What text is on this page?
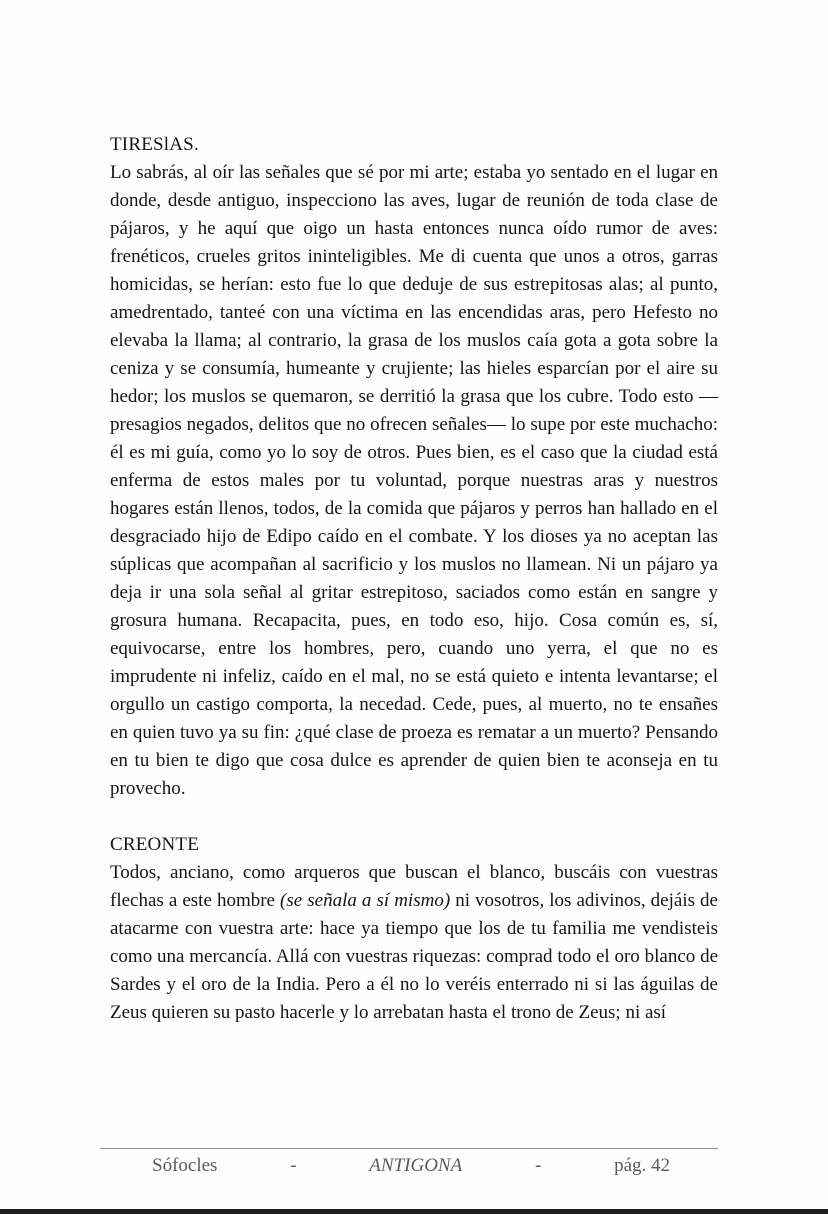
TIRESlAS.
Lo sabrás, al oír las señales que sé por mi arte; estaba yo sentado en el lugar en donde, desde antiguo, inspecciono las aves, lugar de reunión de toda clase de pájaros, y he aquí que oigo un hasta entonces nunca oído rumor de aves: frenéticos, crueles gritos ininteligibles. Me di cuenta que unos a otros, garras homicidas, se herían: esto fue lo que deduje de sus estrepitosas alas; al punto, amedrentado, tanteé con una víctima en las encendidas aras, pero Hefesto no elevaba la llama; al contrario, la grasa de los muslos caía gota a gota sobre la ceniza y se consumía, humeante y crujiente; las hieles esparcían por el aire su hedor; los muslos se quemaron, se derritió la grasa que los cubre. Todo esto —presagios negados, delitos que no ofrecen señales— lo supe por este muchacho: él es mi guía, como yo lo soy de otros. Pues bien, es el caso que la ciudad está enferma de estos males por tu voluntad, porque nuestras aras y nuestros hogares están llenos, todos, de la comida que pájaros y perros han hallado en el desgraciado hijo de Edipo caído en el combate. Y los dioses ya no aceptan las súplicas que acompañan al sacrificio y los muslos no llamean. Ni un pájaro ya deja ir una sola señal al gritar estrepitoso, saciados como están en sangre y grosura humana. Recapacita, pues, en todo eso, hijo. Cosa común es, sí, equivocarse, entre los hombres, pero, cuando uno yerra, el que no es imprudente ni infeliz, caído en el mal, no se está quieto e intenta levantarse; el orgullo un castigo comporta, la necedad. Cede, pues, al muerto, no te ensañes en quien tuvo ya su fin: ¿qué clase de proeza es rematar a un muerto? Pensando en tu bien te digo que cosa dulce es aprender de quien bien te aconseja en tu provecho.
CREONTE
Todos, anciano, como arqueros que buscan el blanco, buscáis con vuestras flechas a este hombre (se señala a sí mismo) ni vosotros, los adivinos, dejáis de atacarme con vuestra arte: hace ya tiempo que los de tu familia me vendisteis como una mercancía. Allá con vuestras riquezas: comprad todo el oro blanco de Sardes y el oro de la India. Pero a él no lo veréis enterrado ni si las águilas de Zeus quieren su pasto hacerle y lo arrebatan hasta el trono de Zeus; ni así
Sófocles	-	ANTIGONA	-	pág. 42
